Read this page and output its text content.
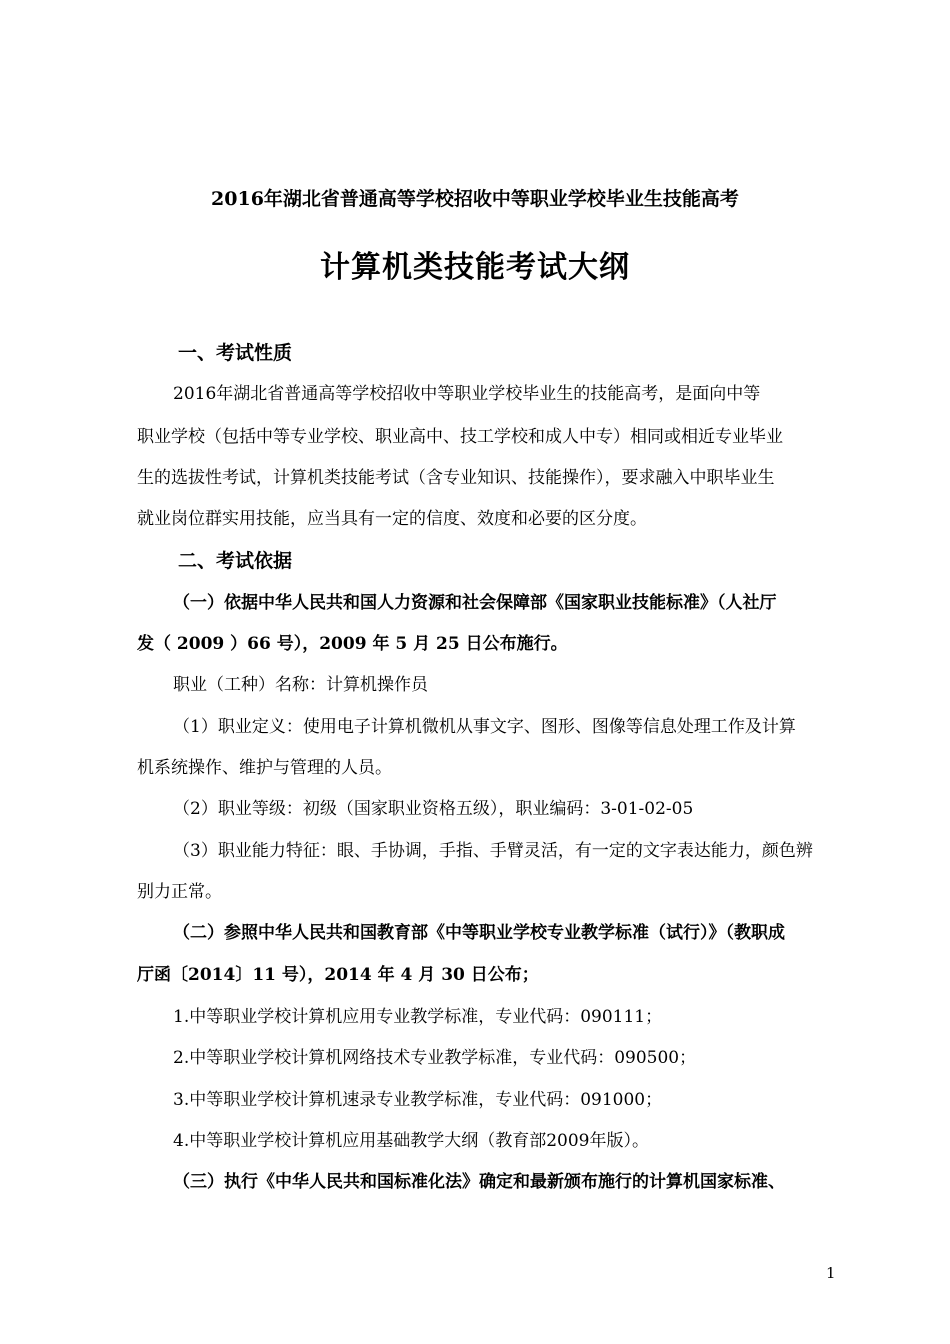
2016年湖北省普通高等学校招收中等职业学校毕业生技能高考
计算机类技能考试大纲
一、考试性质
2016年湖北省普通高等学校招收中等职业学校毕业生的技能高考，是面向中等
职业学校（包括中等专业学校、职业高中、技工学校和成人中专）相同或相近专业毕业
生的选拔性考试，计算机类技能考试（含专业知识、技能操作），要求融入中职毕业生
就业岗位群实用技能，应当具有一定的信度、效度和必要的区分度。
二、考试依据
（一）依据中华人民共和国人力资源和社会保障部《国家职业技能标准》（人社厅
发（ 2009 ）66 号），2009 年 5 月 25 日公布施行。
职业（工种）名称：计算机操作员
（1）职业定义：使用电子计算机微机从事文字、图形、图像等信息处理工作及计算
机系统操作、维护与管理的人员。
（2）职业等级：初级（国家职业资格五级），职业编码：3-01-02-05
（3）职业能力特征：眼、手协调，手指、手臂灵活，有一定的文字表达能力，颜色辨
别力正常。
（二）参照中华人民共和国教育部《中等职业学校专业教学标准（试行）》（教职成
厅函〔2014〕11 号），2014 年 4 月 30 日公布；
1.中等职业学校计算机应用专业教学标准，专业代码：090111；
2.中等职业学校计算机网络技术专业教学标准，专业代码：090500；
3.中等职业学校计算机速录专业教学标准，专业代码：091000；
4.中等职业学校计算机应用基础教学大纲（教育部2009年版）。
（三）执行《中华人民共和国标准化法》确定和最新颁布施行的计算机国家标准、
1
